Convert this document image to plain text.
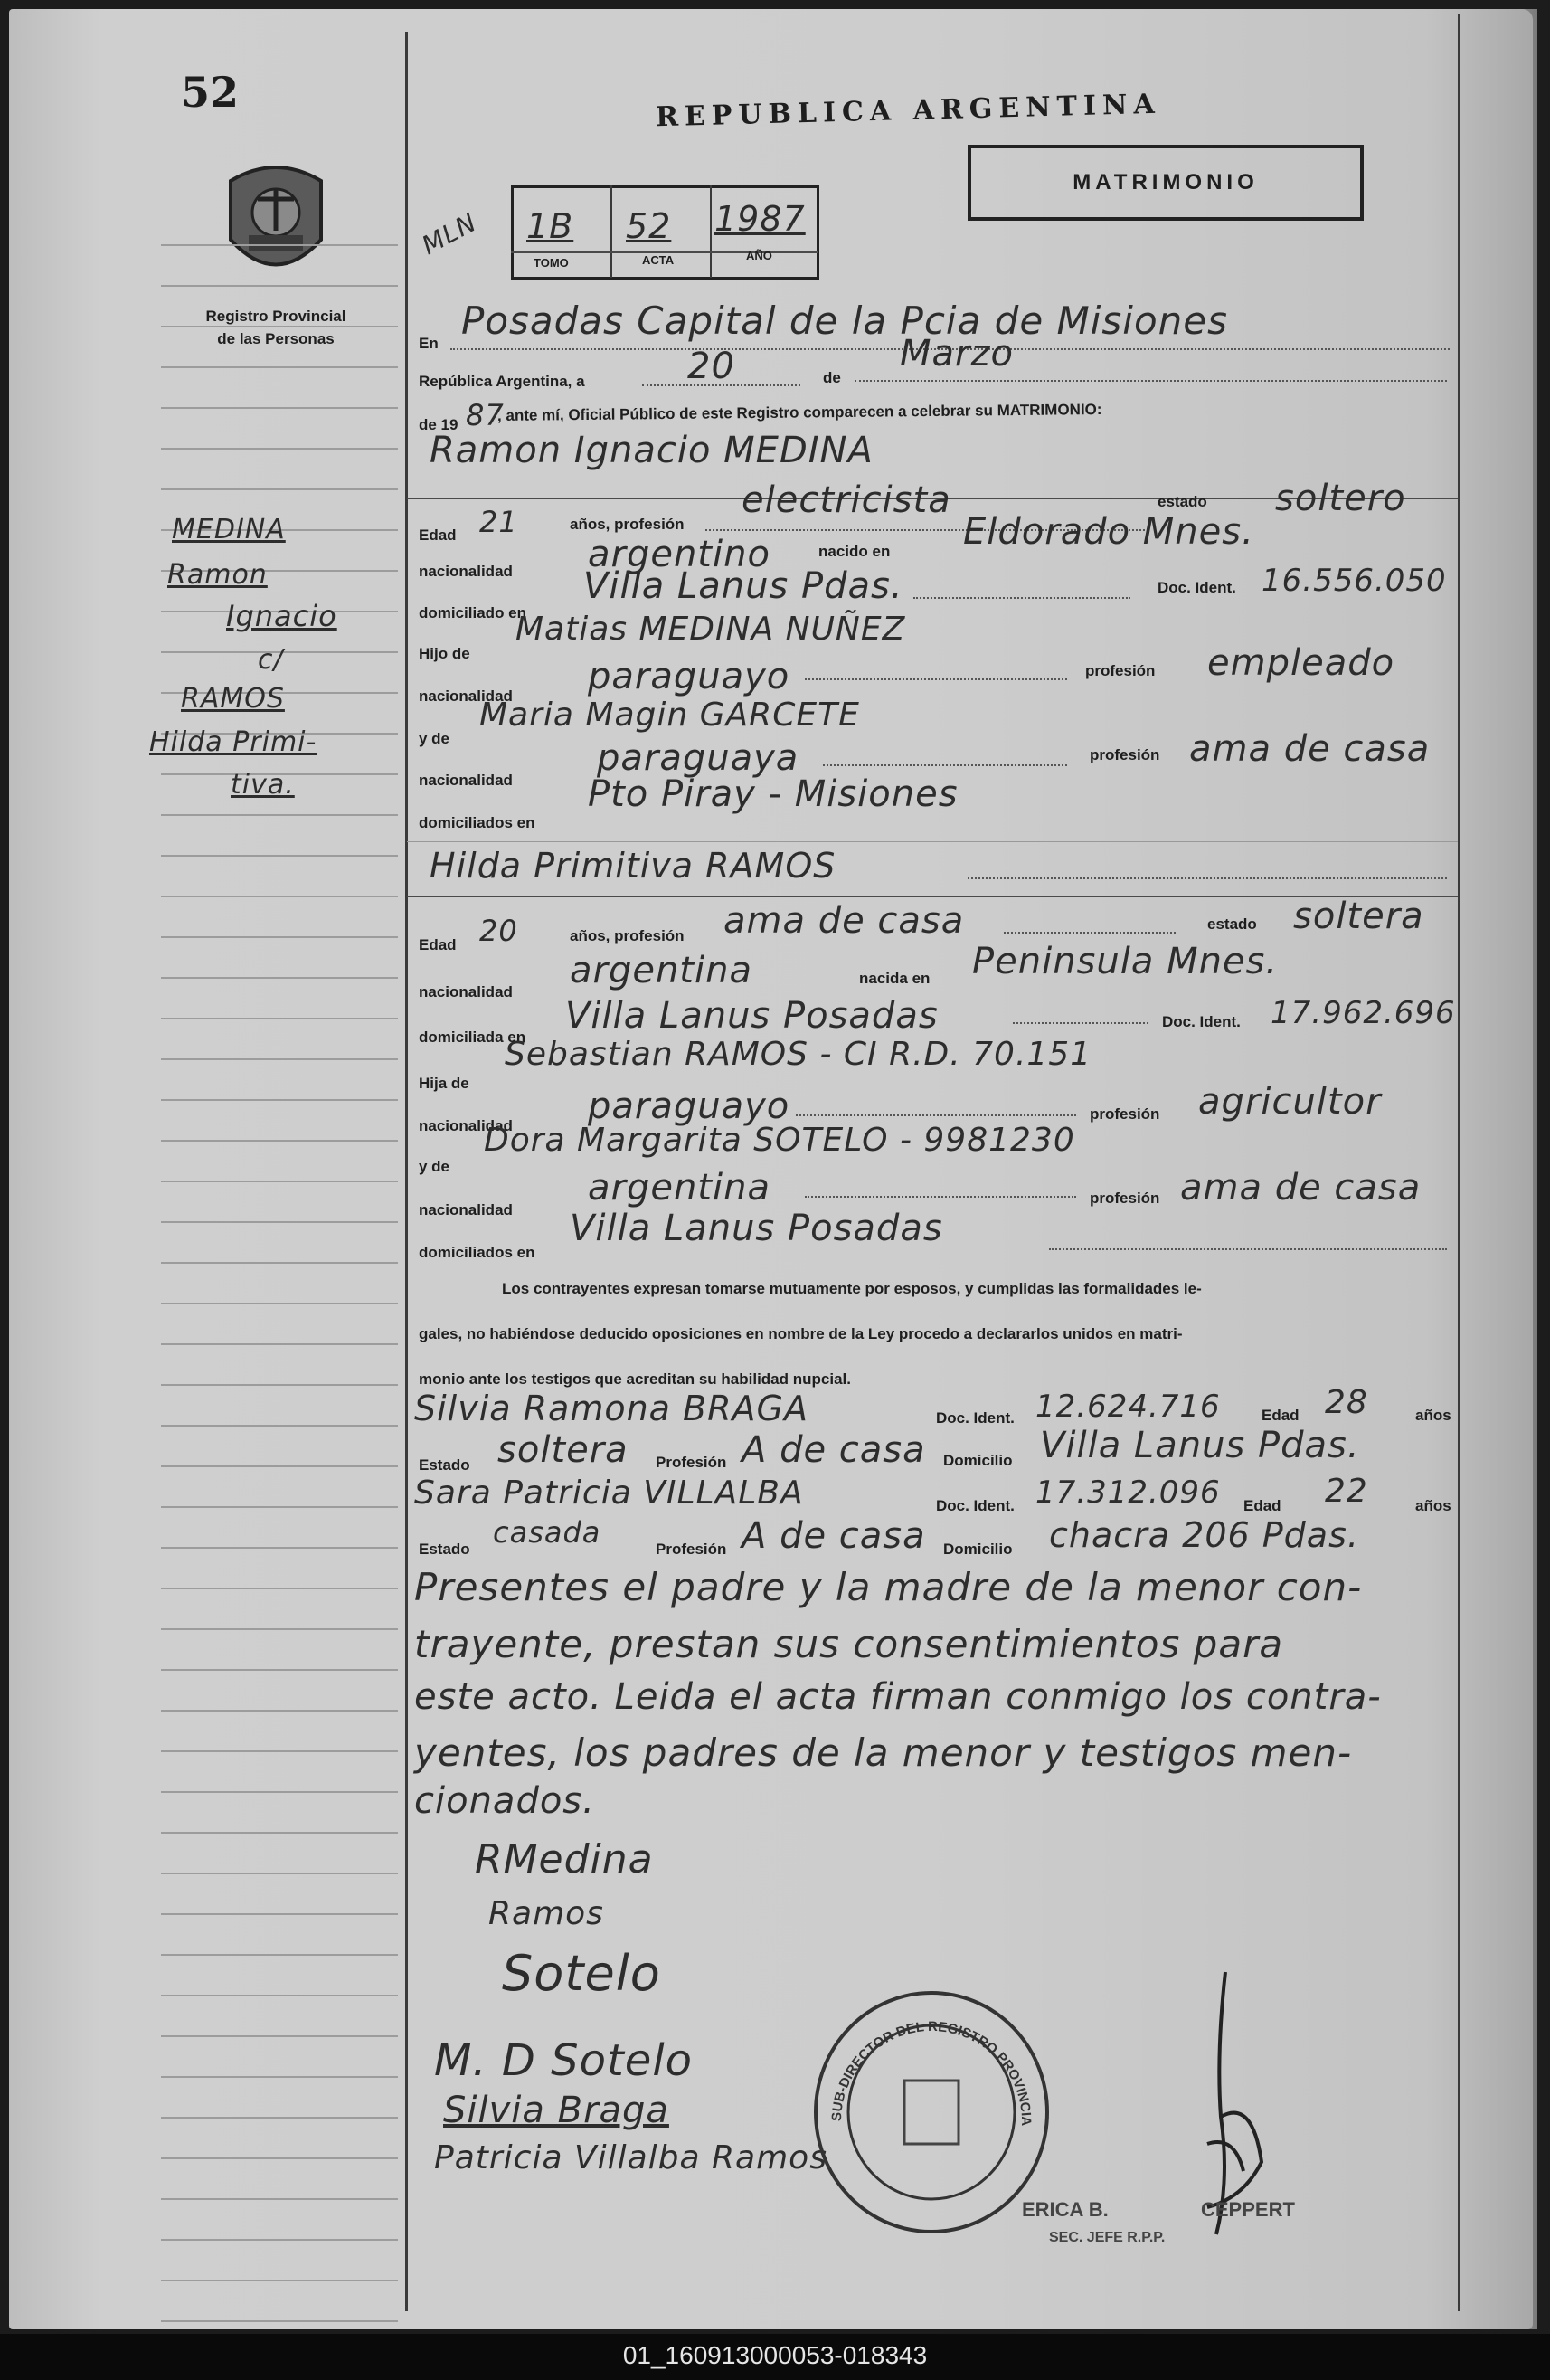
52
Registro Provincial
de las Personas
MEDINA
Ramon
Ignacio
c/
RAMOS
Hilda Primi-
tiva.
REPUBLICA ARGENTINA
MATRIMONIO
MLN 1B 52 1987
TOMO	ACTA	AÑO
En
Posadas Capital de la Pcia de Misiones
República Argentina, a	20	de
Marzo
de 19 87
, ante mí, Oficial Público de este Registro comparecen a celebrar su MATRIMONIO:
Ramon Ignacio MEDINA
Edad 21	años, profesión
electricista	estado soltero
nacionalidad argentino	nacido en Eldorado Mnes.
domiciliado en
Villa Lanus Pdas.	Doc. Ident. 16.556.050
Hijo de
Matias MEDINA NUÑEZ
nacionalidad paraguayo	profesión empleado
y de
Maria Magin GARCETE
nacionalidad
paraguaya	profesión ama de casa
domiciliados en
Pto Piray - Misiones
Hilda Primitiva RAMOS
Edad 20	años, profesión ama de casa	estado soltera
nacionalidad
argentina	nacida en Peninsula Mnes.
domiciliada en
Villa Lanus Posadas	Doc. Ident. 17.962.696
Hija de
Sebastian RAMOS - CI R.D. 70.151
nacionalidad paraguayo	profesión agricultor
y de
Dora Margarita SOTELO - 9981230
nacionalidad
argentina	profesión ama de casa
domiciliados en
Villa Lanus Posadas
Los contrayentes expresan tomarse mutuamente por esposos, y cumplidas las formalidades le-
gales, no habiéndose deducido oposiciones en nombre de la Ley procedo a declararlos unidos en matri-
monio ante los testigos que acreditan su habilidad nupcial.
Silvia Ramona BRAGA	Doc. Ident. 12.624.716	Edad 28	años
Estado soltera Profesión A de casa Domicilio Villa Lanus Pdas.
Sara Patricia VILLALBA	Doc. Ident. 17.312.096 Edad 22	años
Estado casada	Profesión A de casa Domicilio chacra 206 Pdas.
Presentes el padre y la madre de la menor con-
trayente, prestan sus consentimientos para
este acto. Leida el acta firman conmigo los contra-
yentes, los padres de la menor y testigos men-
cionados.
RMedina
Ramos
Sotelo
M. D Sotelo
Silvia Braga
Patricia Villalba Ramos
SUB-DIRECTOR DEL REGISTRO PROVINCIAL DE LAS PERSONAS
ERICA B.	CEPPERT
SEC. JEFE R.P.P.
01_160913000053-018343
